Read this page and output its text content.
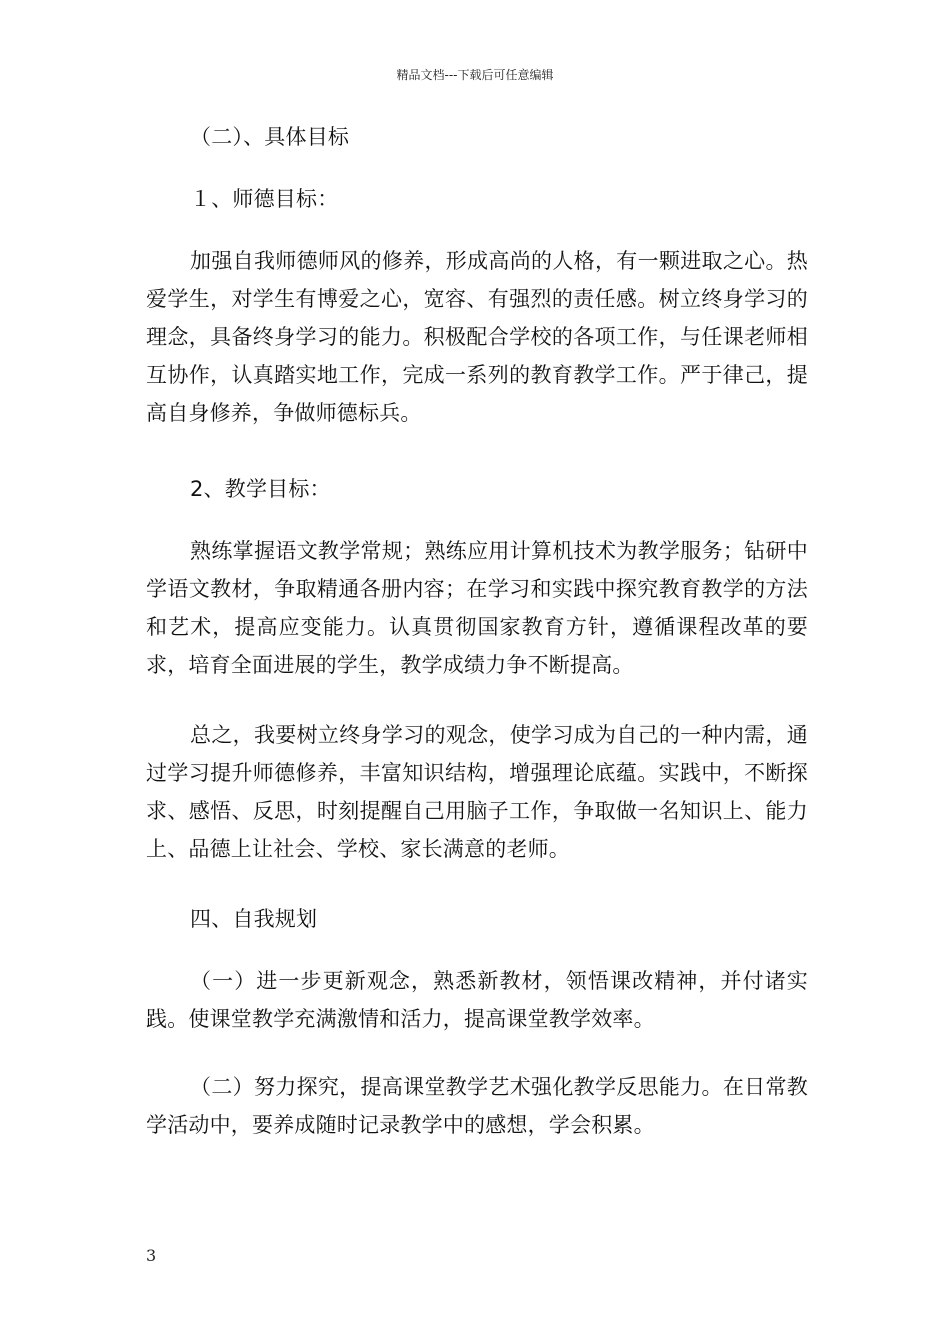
精品文档---下载后可任意编辑

（二）、具体目标

１、师德目标：

加强自我师德师风的修养，形成高尚的人格，有一颗进取之心。热爱学生，对学生有博爱之心，宽容、有强烈的责任感。树立终身学习的理念，具备终身学习的能力。积极配合学校的各项工作，与任课老师相互协作，认真踏实地工作，完成一系列的教育教学工作。严于律己，提高自身修养，争做师德标兵。

2、教学目标：

熟练掌握语文教学常规；熟练应用计算机技术为教学服务；钻研中学语文教材，争取精通各册内容；在学习和实践中探究教育教学的方法和艺术，提高应变能力。认真贯彻国家教育方针，遵循课程改革的要求，培育全面进展的学生，教学成绩力争不断提高。

总之，我要树立终身学习的观念，使学习成为自己的一种内需，通过学习提升师德修养，丰富知识结构，增强理论底蕴。实践中，不断探求、感悟、反思，时刻提醒自己用脑子工作，争取做一名知识上、能力上、品德上让社会、学校、家长满意的老师。

四、自我规划

（一）进一步更新观念，熟悉新教材，领悟课改精神，并付诸实践。使课堂教学充满激情和活力，提高课堂教学效率。

（二）努力探究，提高课堂教学艺术强化教学反思能力。在日常教学活动中，要养成随时记录教学中的感想，学会积累。

3
